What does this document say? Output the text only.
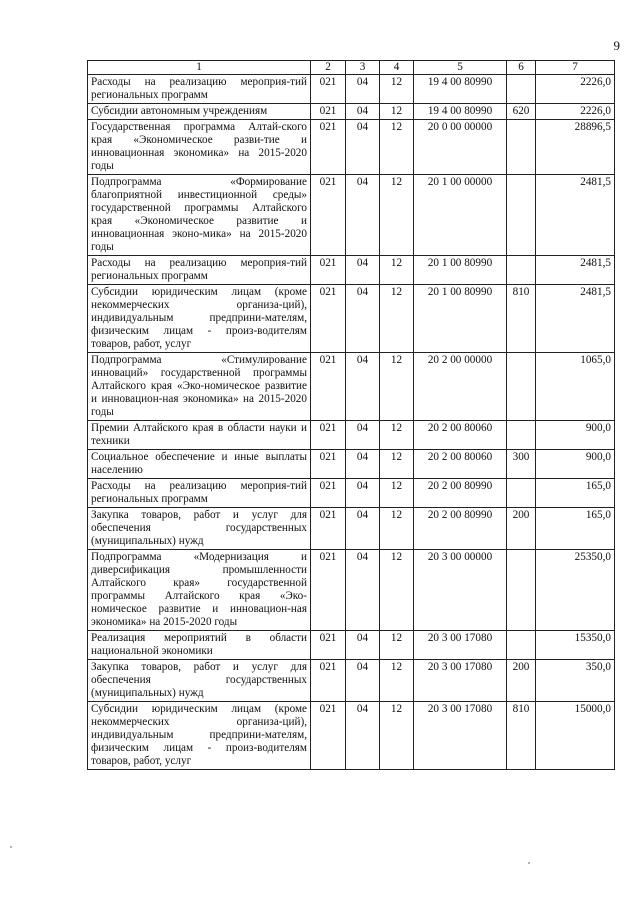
9
1	2	3	4	5	6	7
Расходы на реализацию мероприя-тий региональных программ	021	04	12	19 4 00 80990		2226,0
Субсидии автономным учреждениям	021	04	12	19 4 00 80990	620	2226,0
Государственная программа Алтай-ского края «Экономическое разви-тие и инновационная экономика» на 2015-2020 годы	021	04	12	20 0 00 00000		28896,5
Подпрограмма «Формирование благоприятной инвестиционной среды» государственной программы Алтайского края «Экономическое развитие и инновационная эконо-мика» на 2015-2020 годы	021	04	12	20 1 00 00000		2481,5
Расходы на реализацию мероприя-тий региональных программ	021	04	12	20 1 00 80990		2481,5
Субсидии юридическим лицам (кроме некоммерческих организа-ций), индивидуальным предприни-мателям, физическим лицам - произ-водителям товаров, работ, услуг	021	04	12	20 1 00 80990	810	2481,5
Подпрограмма «Стимулирование инноваций» государственной программы Алтайского края «Эко-номическое развитие и инновацион-ная экономика» на 2015-2020 годы	021	04	12	20 2 00 00000		1065,0
Премии Алтайского края в области науки и техники	021	04	12	20 2 00 80060		900,0
Социальное обеспечение и иные выплаты населению	021	04	12	20 2 00 80060	300	900,0
Расходы на реализацию мероприя-тий региональных программ	021	04	12	20 2 00 80990		165,0
Закупка товаров, работ и услуг для обеспечения государственных (муниципальных) нужд	021	04	12	20 2 00 80990	200	165,0
Подпрограмма «Модернизация и диверсификация промышленности Алтайского края» государственной программы Алтайского края «Эко-номическое развитие и инновацион-ная экономика» на 2015-2020 годы	021	04	12	20 3 00 00000		25350,0
Реализация мероприятий в области национальной экономики	021	04	12	20 3 00 17080		15350,0
Закупка товаров, работ и услуг для обеспечения государственных (муниципальных) нужд	021	04	12	20 3 00 17080	200	350,0
Субсидии юридическим лицам (кроме некоммерческих организа-ций), индивидуальным предприни-мателям, физическим лицам - произ-водителям товаров, работ, услуг	021	04	12	20 3 00 17080	810	15000,0
